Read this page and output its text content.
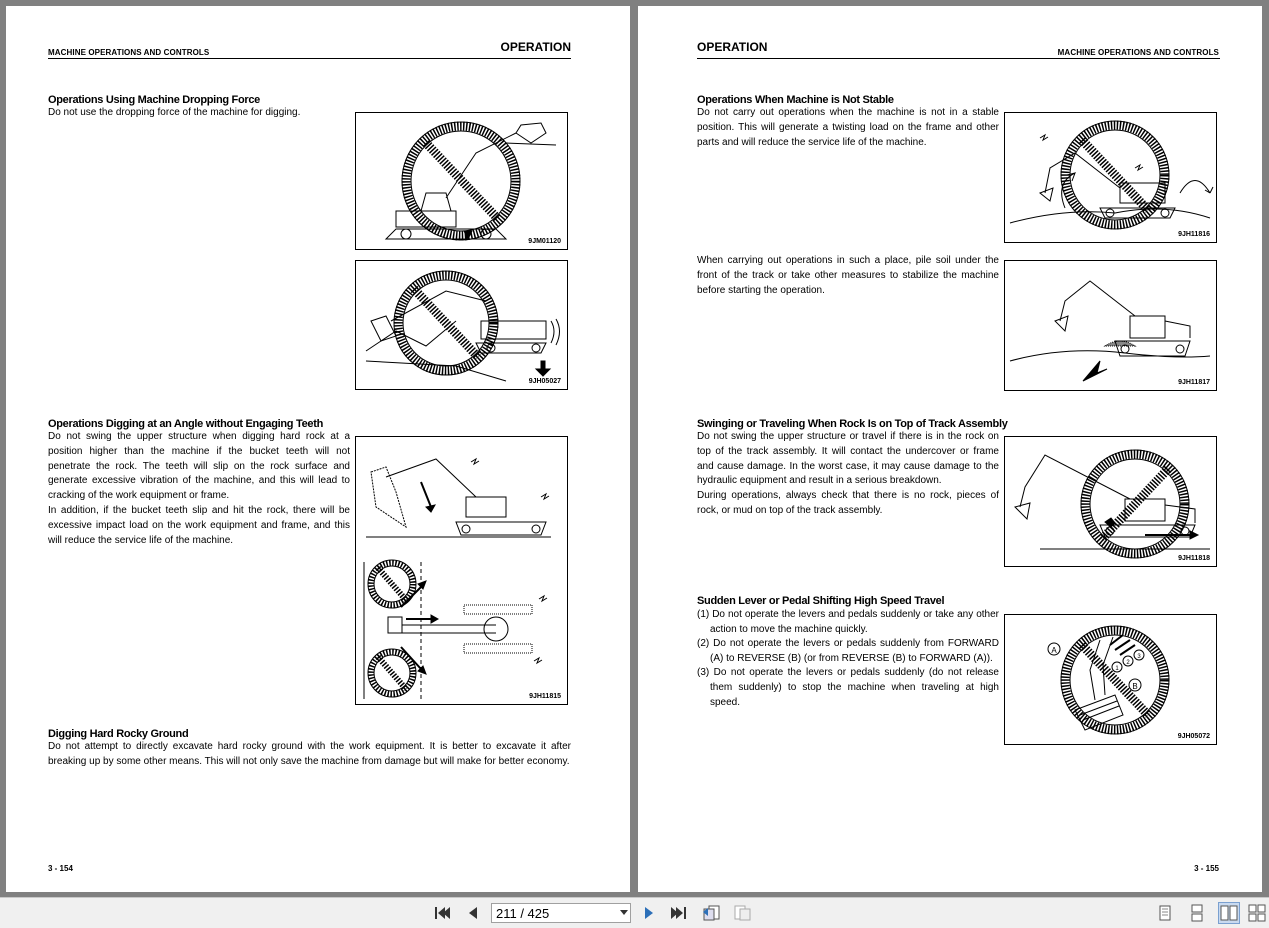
MACHINE OPERATIONS AND CONTROLS	OPERATION
Operations Using Machine Dropping Force

Do not use the dropping force of the machine for digging.

9JM01120
9JH05027
Operations Digging at an Angle without Engaging Teeth

Do not swing the upper structure when digging hard rock at a position higher than the machine if the bucket teeth will not penetrate the rock. The teeth will slip on the rock surface and generate excessive vibration of the machine, and this will lead to cracking of the work equipment or frame.

In addition, if the bucket teeth slip and hit the rock, there will be excessive impact load on the work equipment and frame, and this will reduce the service life of the machine.

9JH11815
Digging Hard Rocky Ground

Do not attempt to directly excavate hard rocky ground with the work equipment. It is better to excavate it after breaking up by some other means. This will not only save the machine from damage but will make for better economy.

3 - 154
OPERATION	MACHINE OPERATIONS AND CONTROLS
Operations When Machine is Not Stable

Do not carry out operations when the machine is not in a stable position. This will generate a twisting load on the frame and other parts and will reduce the service life of the machine.

9JH11816

When carrying out operations in such a place, pile soil under the front of the track or take other measures to stabilize the machine before starting the operation.

9JH11817
Swinging or Traveling When Rock Is on Top of Track Assembly

Do not swing the upper structure or travel if there is in the rock on top of the track assembly. It will contact the undercover or frame and cause damage. In the worst case, it may cause damage to the hydraulic equipment and result in a serious breakdown.

During operations, always check that there is no rock, pieces of rock, or mud on top of the track assembly.

9JH11818
Sudden Lever or Pedal Shifting High Speed Travel
(1) Do not operate the levers and pedals suddenly or take any other action to move the machine quickly.
(2) Do not operate the levers or pedals suddenly from FORWARD (A) to REVERSE (B) (or from REVERSE (B) to FORWARD (A)).
(3) Do not operate the levers or pedals suddenly (do not release them suddenly) to stop the machine when traveling at high speed.
A
B
1
2
3
9JH05072
3 - 155
211 / 425
